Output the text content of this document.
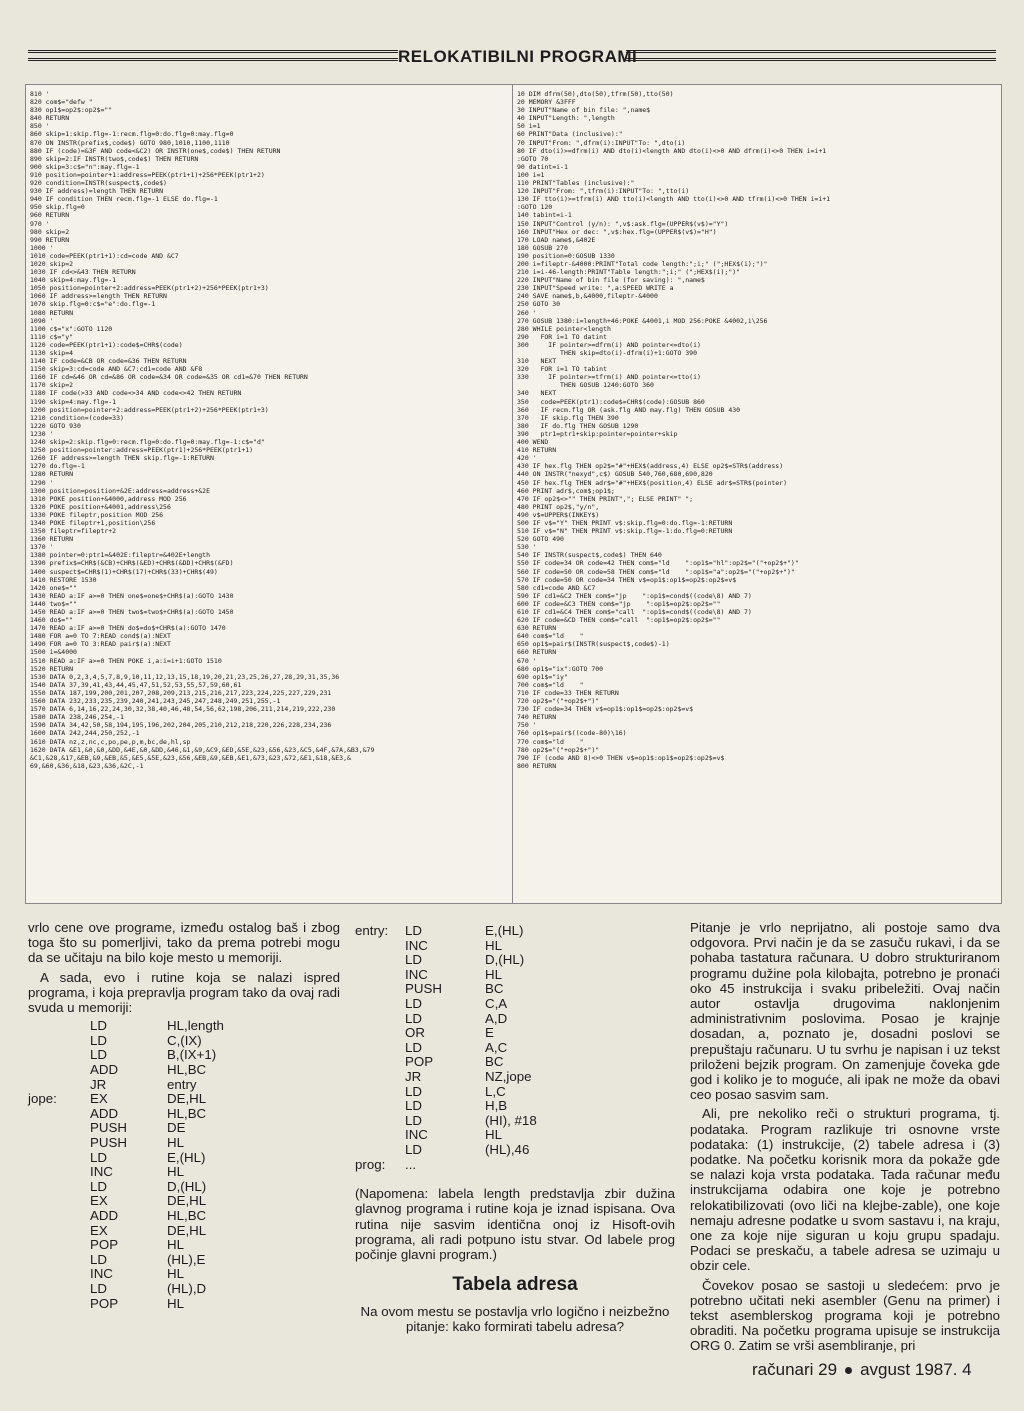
RELOKATIBILNI PROGRAMI
810 '
820 com$="defw "
830 op1$=op2$:op2$=""
840 RETURN
850 '
860 skip=1:skip.flg=-1:recm.flg=0:do.flg=0:may.flg=0
870 ON INSTR(prefix$,code$) GOTO 980,1010,1100,1110
880 IF (code)=&3F AND code<&C2) OR INSTR(one$,code$) THEN RETURN
890 skip=2:IF INSTR(two$,code$) THEN RETURN
900 skip=3:c$="n":may.flg=-1
910 position=pointer+1:address=PEEK(ptr1+1)+256*PEEK(ptr1+2)
920 condition=INSTR(suspect$,code$)
930 IF address)=length THEN RETURN
940 IF condition THEN recm.flg=-1 ELSE do.flg=-1
950 skip.flg=0
960 RETURN
970 '
980 skip=2
990 RETURN
1000 '
1010 code=PEEK(ptr1+1):cd=code AND &C7
1020 skip=2
1030 IF cd<>&43 THEN RETURN
1040 skip=4:may.flg=-1
1050 position=pointer+2:address=PEEK(ptr1+2)+256*PEEK(ptr1+3)
1060 IF address>=length THEN RETURN
1070 skip.flg=0:c$="e":do.flg=-1
1080 RETURN
1090 '
1100 c$="x":GOTO 1120
1110 c$="y"
1120 code=PEEK(ptr1+1):code$=CHR$(code)
1130 skip=4
1140 IF code=&CB OR code=&36 THEN RETURN
1150 skip=3:cd=code AND &C7:cd1=code AND &F8
1160 IF cd=&46 OR cd=&86 OR code=&34 OR code=&35 OR cd1=&70 THEN RETURN
1170 skip=2
1180 IF code(>33 AND code<>34 AND code<>42 THEN RETURN
1190 skip=4:may.flg=-1
1200 position=pointer+2:address=PEEK(ptr1+2)+256*PEEK(ptr1+3)
1210 condition=(code=33)
1220 GOTO 930
1230 '
1240 skip=2:skip.flg=0:recm.flg=0:do.flg=0:may.flg=-1:c$="d"
1250 position=pointer:address=PEEK(ptr1)+256*PEEK(ptr1+1)
1260 IF address>=length THEN skip.flg=-1:RETURN
1270 do.flg=-1
1280 RETURN
1290 '
1300 position=position+&2E:address=address+&2E
1310 POKE position+&4000,address MOD 256
1320 POKE position+&4001,address\256
1330 POKE fileptr,position MOD 256
1340 POKE fileptr+1,position\256
1350 fileptr=fileptr+2
1360 RETURN
1370 '
1380 pointer=0:ptr1=&402E:fileptr=&402E+length
1390 prefix$=CHR$(&CB)+CHR$(&ED)+CHR$(&DD)+CHR$(&FD)
1400 suspect$=CHR$(1)+CHR$(17)+CHR$(33)+CHR$(49)
1410 RESTORE 1530
1420 one$=""
1430 READ a:IF a>=0 THEN one$=one$+CHR$(a):GOTO 1430
1440 two$=""
1450 READ a:IF a>=0 THEN two$=two$+CHR$(a):GOTO 1450
1460 do$=""
1470 READ a:IF a>=0 THEN do$=do$+CHR$(a):GOTO 1470
1480 FOR a=0 TO 7:READ cond$(a):NEXT
1490 FOR a=0 TO 3:READ pair$(a):NEXT
1500 i=&4000
1510 READ a:IF a>=0 THEN POKE i,a:i=i+1:GOTO 1510
1520 RETURN
1530 DATA 0,2,3,4,5,7,8,9,10,11,12,13,15,18,19,20,21,23,25,26,27,28,29,31,35,36
1540 DATA 37,39,41,43,44,45,47,51,52,53,55,57,59,60,61
1550 DATA 187,199,200,201,207,208,209,213,215,216,217,223,224,225,227,229,231
1560 DATA 232,233,235,239,240,241,243,245,247,248,249,251,255,-1
1570 DATA 6,14,16,22,24,30,32,38,40,46,48,54,56,62,198,206,211,214,219,222,230
1580 DATA 238,246,254,-1
1590 DATA 34,42,50,58,194,195,196,202,204,205,210,212,218,220,226,228,234,236
1600 DATA 242,244,250,252,-1
1610 DATA nz,z,nc,c,po,pe,p,m,bc,de,hl,sp
1620 DATA &E1,&0,&0,&DD,&4E,&0,&DD,&46,&1,&9,&C9,&ED,&5E,&23,&56,&23,&C5,&4F,&7A,&B3,&79
&C1,&28,&17,&EB,&9,&EB,&5,&E5,&5E,&23,&56,&EB,&9,&EB,&E1,&73,&23,&72,&E1,&18,&E3,&
69,&60,&36,&18,&23,&36,&2C,-1
10 DIM dfrm(50),dto(50),tfrm(50),tto(50)
20 MEMORY &3FFF
30 INPUT"Name of bin file: ",name$
40 INPUT"Length: ",length
50 i=1
60 PRINT"Data (inclusive):"
70 INPUT"From: ",dfrm(i):INPUT"To: ",dto(i)
80 IF dto(i)>=dfrm(i) AND dto(i)<length AND dto(i)<>0 AND dfrm(i)<>0 THEN i=i+1
:GOTO 70
90 datint=i-1
100 i=1
110 PRINT"Tables (inclusive):"
120 INPUT"From: ",tfrm(i):INPUT"To: ",tto(i)
130 IF tto(i)>=tfrm(i) AND tto(i)<length AND tto(i)<>0 AND tfrm(i)<>0 THEN i=i+1
:GOTO 120
140 tabint=i-1
150 INPUT"Control (y/n): ",v$:ask.flg=(UPPER$(v$)="Y")
160 INPUT"Hex or dec: ",v$:hex.flg=(UPPER$(v$)="H")
170 LOAD name$,&402E
180 GOSUB 270
190 position=0:GOSUB 1330
200 i=fileptr-&4000:PRINT"Total code length:";i;" (";HEX$(i);")"
210 i=i-46-length:PRINT"Table length:";i;" (";HEX$(i);")"
220 INPUT"Name of bin file (for saving): ",name$
230 INPUT"Speed write: ",a:SPEED WRITE a
240 SAVE name$,b,&4000,fileptr-&4000
250 GOTO 30
260 '
270 GOSUB 1380:i=length+46:POKE &4001,i MOD 256:POKE &4002,i\256
280 WHILE pointer<length
290   FOR i=1 TO datint
300     IF pointer>=dfrm(i) AND pointer<=dto(i)
THEN skip=dto(i)-dfrm(i)+1:GOTO 390
310   NEXT
320   FOR i=1 TO tabint
330     IF pointer>=tfrm(i) AND pointer<=tto(i)
THEN GOSUB 1240:GOTO 360
340   NEXT
350   code=PEEK(ptr1):code$=CHR$(code):GOSUB 860
360   IF recm.flg OR (ask.flg AND may.flg) THEN GOSUB 430
370   IF skip.flg THEN 390
380   IF do.flg THEN GOSUB 1290
390   ptr1=ptr1+skip:pointer=pointer+skip
400 WEND
410 RETURN
420 '
430 IF hex.flg THEN op2$="#"+HEX$(address,4) ELSE op2$=STR$(address)
440 ON INSTR("nexyd",c$) GOSUB 540,760,680,690,820
450 IF hex.flg THEN adr$="#"+HEX$(position,4) ELSE adr$=STR$(pointer)
460 PRINT adr$,com$;op1$;
470 IF op2$<>"" THEN PRINT","; ELSE PRINT" ";
480 PRINT op2$,"y/n",
490 v$=UPPER$(INKEY$)
500 IF v$="Y" THEN PRINT v$:skip.flg=0:do.flg=-1:RETURN
510 IF v$="N" THEN PRINT v$:skip.flg=-1:do.flg=0:RETURN
520 GOTO 490
530 '
540 IF INSTR(suspect$,code$) THEN 640
550 IF code=34 OR code=42 THEN com$="ld    ":op1$="hl":op2$="("+op2$+")"
560 IF code=50 OR code=58 THEN com$="ld    ":op1$="a":op2$="("+op2$+")"
570 IF code=50 OR code=34 THEN v$=op1$:op1$=op2$:op2$=v$
580 cd1=code AND &C7
590 IF cd1=&C2 THEN com$="jp    ":op1$=cond$((code\8) AND 7)
600 IF code=&C3 THEN com$="jp    ":op1$=op2$:op2$=""
610 IF cd1=&C4 THEN com$="call  ":op1$=cond$((code\8) AND 7)
620 IF code=&CD THEN com$="call  ":op1$=op2$:op2$=""
630 RETURN
640 com$="ld    "
650 op1$=pair$(INSTR(suspect$,code$)-1)
660 RETURN
670 '
680 op1$="ix":GOTO 700
690 op1$="iy"
700 com$="ld    "
710 IF code=33 THEN RETURN
720 op2$="("+op2$+")"
730 IF code=34 THEN v$=op1$:op1$=op2$:op2$=v$
740 RETURN
750 '
760 op1$=pair$((code-80)\16)
770 com$="ld    "
780 op2$="("+op2$+")"
790 IF (code AND 8)<>0 THEN v$=op1$:op1$=op2$:op2$=v$
800 RETURN

vrlo cene ove programe, između ostalog baš i zbog toga što su pomerljivi, tako da prema potrebi mogu da se učitaju na bilo koje mesto u memoriji.

A sada, evo i rutine koja se nalazi ispred programa, i koja prepravlja program tako da ovaj radi svuda u memoriji:

	LD	HL,length
	LD	C,(IX)
	LD	B,(IX+1)
	ADD	HL,BC
	JR	entry
jope:	EX	DE,HL
	ADD	HL,BC
	PUSH	DE
	PUSH	HL
	LD	E,(HL)
	INC	HL
	LD	D,(HL)
	EX	DE,HL
	ADD	HL,BC
	EX	DE,HL
	POP	HL
	LD	(HL),E
	INC	HL
	LD	(HL),D
	POP	HL
entry:	LD	E,(HL)
	INC	HL
	LD	D,(HL)
	INC	HL
	PUSH	BC
	LD	C,A
	LD	A,D
	OR	E
	LD	A,C
	POP	BC
	JR	NZ,jope
	LD	L,C
	LD	H,B
	LD	(HI), #18
	INC	HL
	LD	(HL),46
prog:	...	

(Napomena: labela length predstavlja zbir dužina glavnog programa i rutine koja je iznad ispisana. Ova rutina nije sasvim identična onoj iz Hisoft-ovih programa, ali radi potpuno istu stvar. Od labele prog počinje glavni program.)

Tabela adresa

Na ovom mestu se postavlja vrlo logično i neizbežno pitanje: kako formirati tabelu adresa?

Pitanje je vrlo neprijatno, ali postoje samo dva odgovora. Prvi način je da se zasuču rukavi, i da se pohaba tastatura računara. U dobro strukturiranom programu dužine pola kilobajta, potrebno je pronaći oko 45 instrukcija i svaku pribeležiti. Ovaj način autor ostavlja drugovima naklonjenim administrativnim poslovima. Posao je krajnje dosadan, a, poznato je, dosadni poslovi se prepuštaju računaru. U tu svrhu je napisan i uz tekst priloženi bejzik program. On zamenjuje čoveka gde god i koliko je to moguće, ali ipak ne može da obavi ceo posao sasvim sam.

Ali, pre nekoliko reči o strukturi programa, tj. podataka. Program razlikuje tri osnovne vrste podataka: (1) instrukcije, (2) tabele adresa i (3) podatke. Na početku korisnik mora da pokaže gde se nalazi koja vrsta podataka. Tada računar među instrukcijama odabira one koje je potrebno relokatibilizovati (ovo liči na klejbe-zable), one koje nemaju adresne podatke u svom sastavu i, na kraju, one za koje nije siguran u koju grupu spadaju. Podaci se preskaču, a tabele adresa se uzimaju u obzir cele.

Čovekov posao se sastoji u sledećem: prvo je potrebno učitati neki asembler (Genu na primer) i tekst asemblerskog programa koji je potrebno obraditi. Na početku programa upisuje se instrukcija ORG 0. Zatim se vrši asembliranje, pri

računari 29 avgust 1987. 4
